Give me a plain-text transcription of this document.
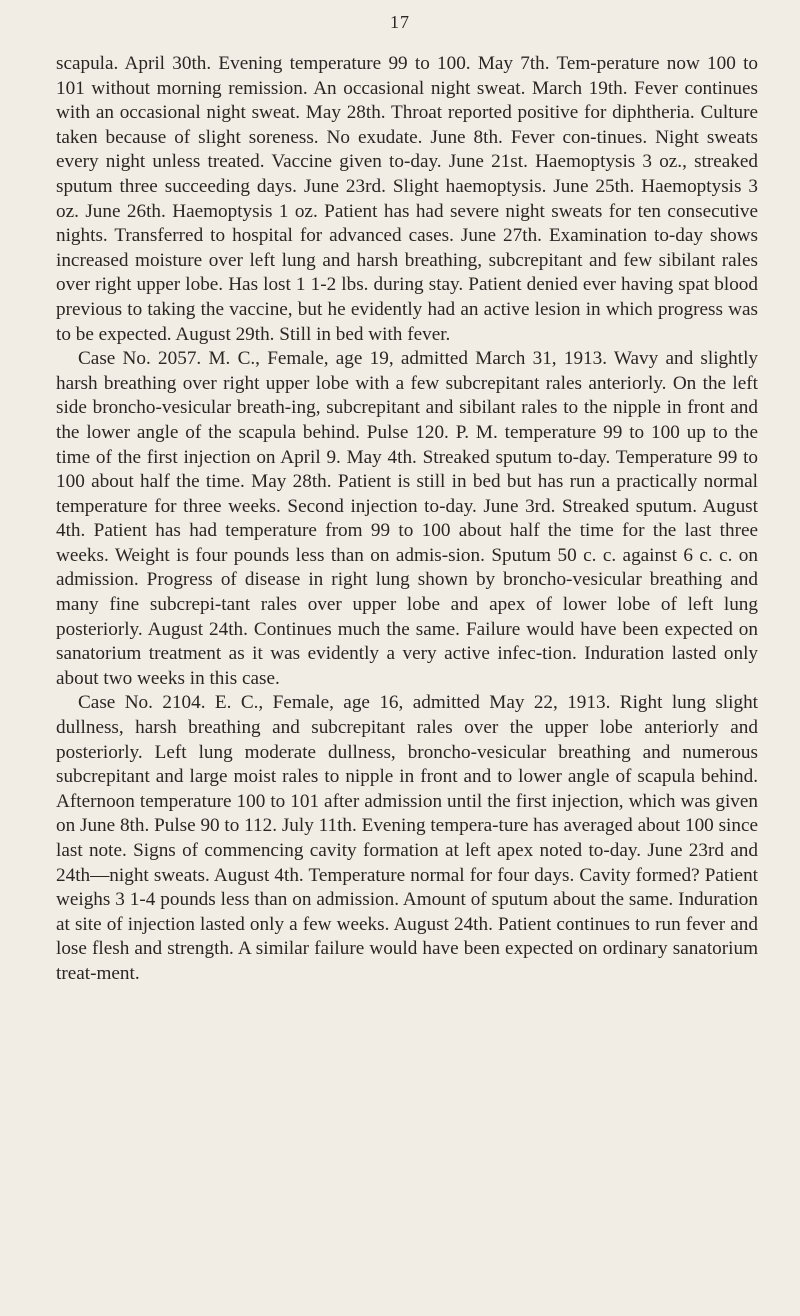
17

scapula. April 30th. Evening temperature 99 to 100. May 7th. Tem-perature now 100 to 101 without morning remission. An occasional night sweat. March 19th. Fever continues with an occasional night sweat. May 28th. Throat reported positive for diphtheria. Culture taken because of slight soreness. No exudate. June 8th. Fever con-tinues. Night sweats every night unless treated. Vaccine given to-day. June 21st. Haemoptysis 3 oz., streaked sputum three succeeding days. June 23rd. Slight haemoptysis. June 25th. Haemoptysis 3 oz. June 26th. Haemoptysis 1 oz. Patient has had severe night sweats for ten consecutive nights. Transferred to hospital for advanced cases. June 27th. Examination to-day shows increased moisture over left lung and harsh breathing, subcrepitant and few sibilant rales over right upper lobe. Has lost 1 1-2 lbs. during stay. Patient denied ever having spat blood previous to taking the vaccine, but he evidently had an active lesion in which progress was to be expected. August 29th. Still in bed with fever.

Case No. 2057. M. C., Female, age 19, admitted March 31, 1913. Wavy and slightly harsh breathing over right upper lobe with a few subcrepitant rales anteriorly. On the left side broncho-vesicular breath-ing, subcrepitant and sibilant rales to the nipple in front and the lower angle of the scapula behind. Pulse 120. P. M. temperature 99 to 100 up to the time of the first injection on April 9. May 4th. Streaked sputum to-day. Temperature 99 to 100 about half the time. May 28th. Patient is still in bed but has run a practically normal temperature for three weeks. Second injection to-day. June 3rd. Streaked sputum. August 4th. Patient has had temperature from 99 to 100 about half the time for the last three weeks. Weight is four pounds less than on admis-sion. Sputum 50 c. c. against 6 c. c. on admission. Progress of disease in right lung shown by broncho-vesicular breathing and many fine subcrepi-tant rales over upper lobe and apex of lower lobe of left lung posteriorly. August 24th. Continues much the same. Failure would have been expected on sanatorium treatment as it was evidently a very active infec-tion. Induration lasted only about two weeks in this case.

Case No. 2104. E. C., Female, age 16, admitted May 22, 1913. Right lung slight dullness, harsh breathing and subcrepitant rales over the upper lobe anteriorly and posteriorly. Left lung moderate dullness, broncho-vesicular breathing and numerous subcrepitant and large moist rales to nipple in front and to lower angle of scapula behind. Afternoon temperature 100 to 101 after admission until the first injection, which was given on June 8th. Pulse 90 to 112. July 11th. Evening tempera-ture has averaged about 100 since last note. Signs of commencing cavity formation at left apex noted to-day. June 23rd and 24th—night sweats. August 4th. Temperature normal for four days. Cavity formed? Patient weighs 3 1-4 pounds less than on admission. Amount of sputum about the same. Induration at site of injection lasted only a few weeks. August 24th. Patient continues to run fever and lose flesh and strength. A similar failure would have been expected on ordinary sanatorium treat-ment.
